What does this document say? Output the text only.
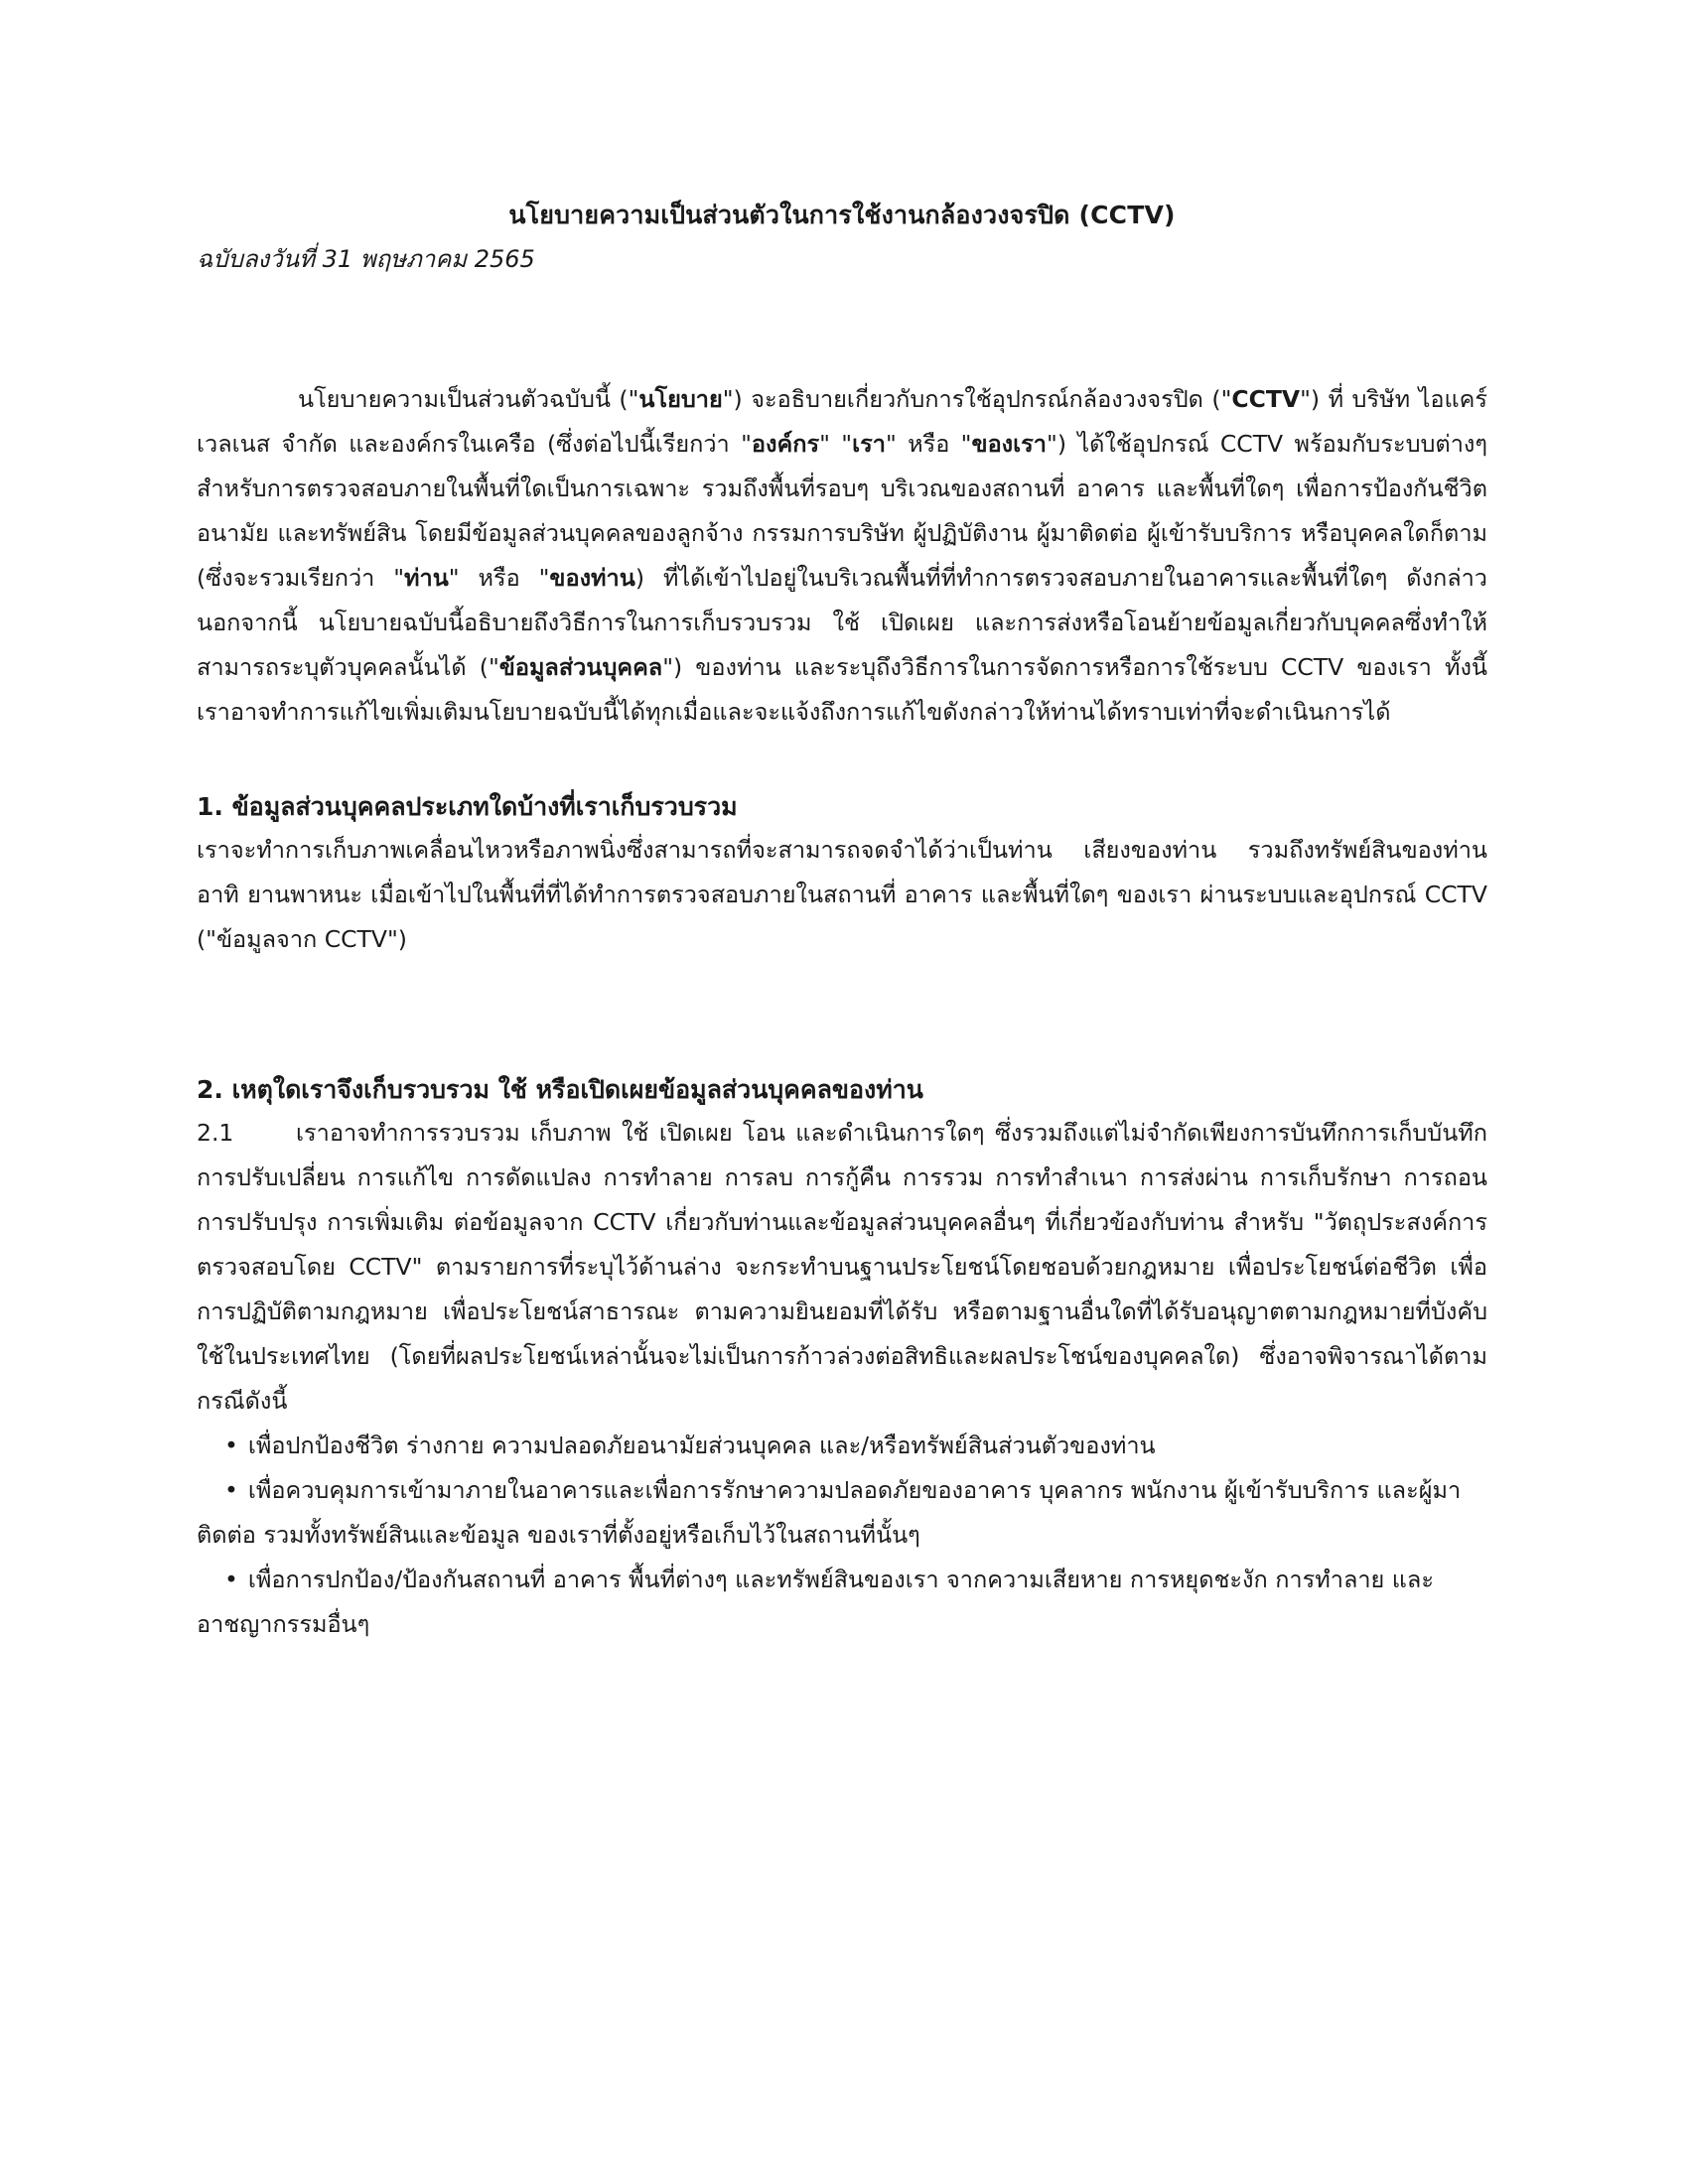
นโยบายความเป็นส่วนตัวในการใช้งานกล้องวงจรปิด (CCTV)

ฉบับลงวันที่ 31 พฤษภาคม 2565

นโยบายความเป็นส่วนตัวฉบับนี้ ("นโยบาย") จะอธิบายเกี่ยวกับการใช้อุปกรณ์กล้องวงจรปิด ("CCTV") ที่ บริษัท ไอแคร์ เวลเนส จำกัด และองค์กรในเครือ (ซึ่งต่อไปนี้เรียกว่า "องค์กร" "เรา" หรือ "ของเรา") ได้ใช้อุปกรณ์ CCTV พร้อมกับระบบต่างๆ สำหรับการตรวจสอบภายในพื้นที่ใดเป็นการเฉพาะ รวมถึงพื้นที่รอบๆ บริเวณของสถานที่ อาคาร และพื้นที่ใดๆ เพื่อการป้องกันชีวิต อนามัย และทรัพย์สิน โดยมีข้อมูลส่วนบุคคลของลูกจ้าง กรรมการบริษัท ผู้ปฏิบัติงาน ผู้มาติดต่อ ผู้เข้ารับบริการ หรือบุคคลใดก็ตาม (ซึ่งจะรวมเรียกว่า "ท่าน" หรือ "ของท่าน) ที่ได้เข้าไปอยู่ในบริเวณพื้นที่ที่ทำการตรวจสอบภายในอาคารและพื้นที่ใดๆ ดังกล่าว นอกจากนี้ นโยบายฉบับนี้อธิบายถึงวิธีการในการเก็บรวบรวม ใช้ เปิดเผย และการส่งหรือโอนย้ายข้อมูลเกี่ยวกับบุคคลซึ่งทำให้สามารถระบุตัวบุคคลนั้นได้ ("ข้อมูลส่วนบุคคล") ของท่าน และระบุถึงวิธีการในการจัดการหรือการใช้ระบบ CCTV ของเรา ทั้งนี้ เราอาจทำการแก้ไขเพิ่มเติมนโยบายฉบับนี้ได้ทุกเมื่อและจะแจ้งถึงการแก้ไขดังกล่าวให้ท่านได้ทราบเท่าที่จะดำเนินการได้

1. ข้อมูลส่วนบุคคลประเภทใดบ้างที่เราเก็บรวบรวม

เราจะทำการเก็บภาพเคลื่อนไหวหรือภาพนิ่งซึ่งสามารถที่จะสามารถจดจำได้ว่าเป็นท่าน เสียงของท่าน รวมถึงทรัพย์สินของท่าน อาทิ ยานพาหนะ เมื่อเข้าไปในพื้นที่ที่ได้ทำการตรวจสอบภายในสถานที่ อาคาร และพื้นที่ใดๆ ของเรา ผ่านระบบและอุปกรณ์ CCTV ("ข้อมูลจาก CCTV")

2. เหตุใดเราจึงเก็บรวบรวม ใช้ หรือเปิดเผยข้อมูลส่วนบุคคลของท่าน

2.1	เราอาจทำการรวบรวม เก็บภาพ ใช้ เปิดเผย โอน และดำเนินการใดๆ ซึ่งรวมถึงแต่ไม่จำกัดเพียงการบันทึกการเก็บบันทึก การปรับเปลี่ยน การแก้ไข การดัดแปลง การทำลาย การลบ การกู้คืน การรวม การทำสำเนา การส่งผ่าน การเก็บรักษา การถอน การปรับปรุง การเพิ่มเติม ต่อข้อมูลจาก CCTV เกี่ยวกับท่านและข้อมูลส่วนบุคคลอื่นๆ ที่เกี่ยวข้องกับท่าน สำหรับ "วัตถุประสงค์การตรวจสอบโดย CCTV" ตามรายการที่ระบุไว้ด้านล่าง จะกระทำบนฐานประโยชน์โดยชอบด้วยกฎหมาย เพื่อประโยชน์ต่อชีวิต เพื่อการปฏิบัติตามกฎหมาย เพื่อประโยชน์สาธารณะ ตามความยินยอมที่ได้รับ หรือตามฐานอื่นใดที่ได้รับอนุญาตตามกฎหมายที่บังคับใช้ในประเทศไทย (โดยที่ผลประโยชน์เหล่านั้นจะไม่เป็นการก้าวล่วงต่อสิทธิและผลประโชน์ของบุคคลใด) ซึ่งอาจพิจารณาได้ตามกรณีดังนี้

• เพื่อปกป้องชีวิต ร่างกาย ความปลอดภัยอนามัยส่วนบุคคล และ/หรือทรัพย์สินส่วนตัวของท่าน
• เพื่อควบคุมการเข้ามาภายในอาคารและเพื่อการรักษาความปลอดภัยของอาคาร บุคลากร พนักงาน ผู้เข้ารับบริการ และผู้มาติดต่อ รวมทั้งทรัพย์สินและข้อมูล ของเราที่ตั้งอยู่หรือเก็บไว้ในสถานที่นั้นๆ
• เพื่อการปกป้อง/ป้องกันสถานที่ อาคาร พื้นที่ต่างๆ และทรัพย์สินของเรา จากความเสียหาย การหยุดชะงัก การทำลาย และอาชญากรรมอื่นๆ
